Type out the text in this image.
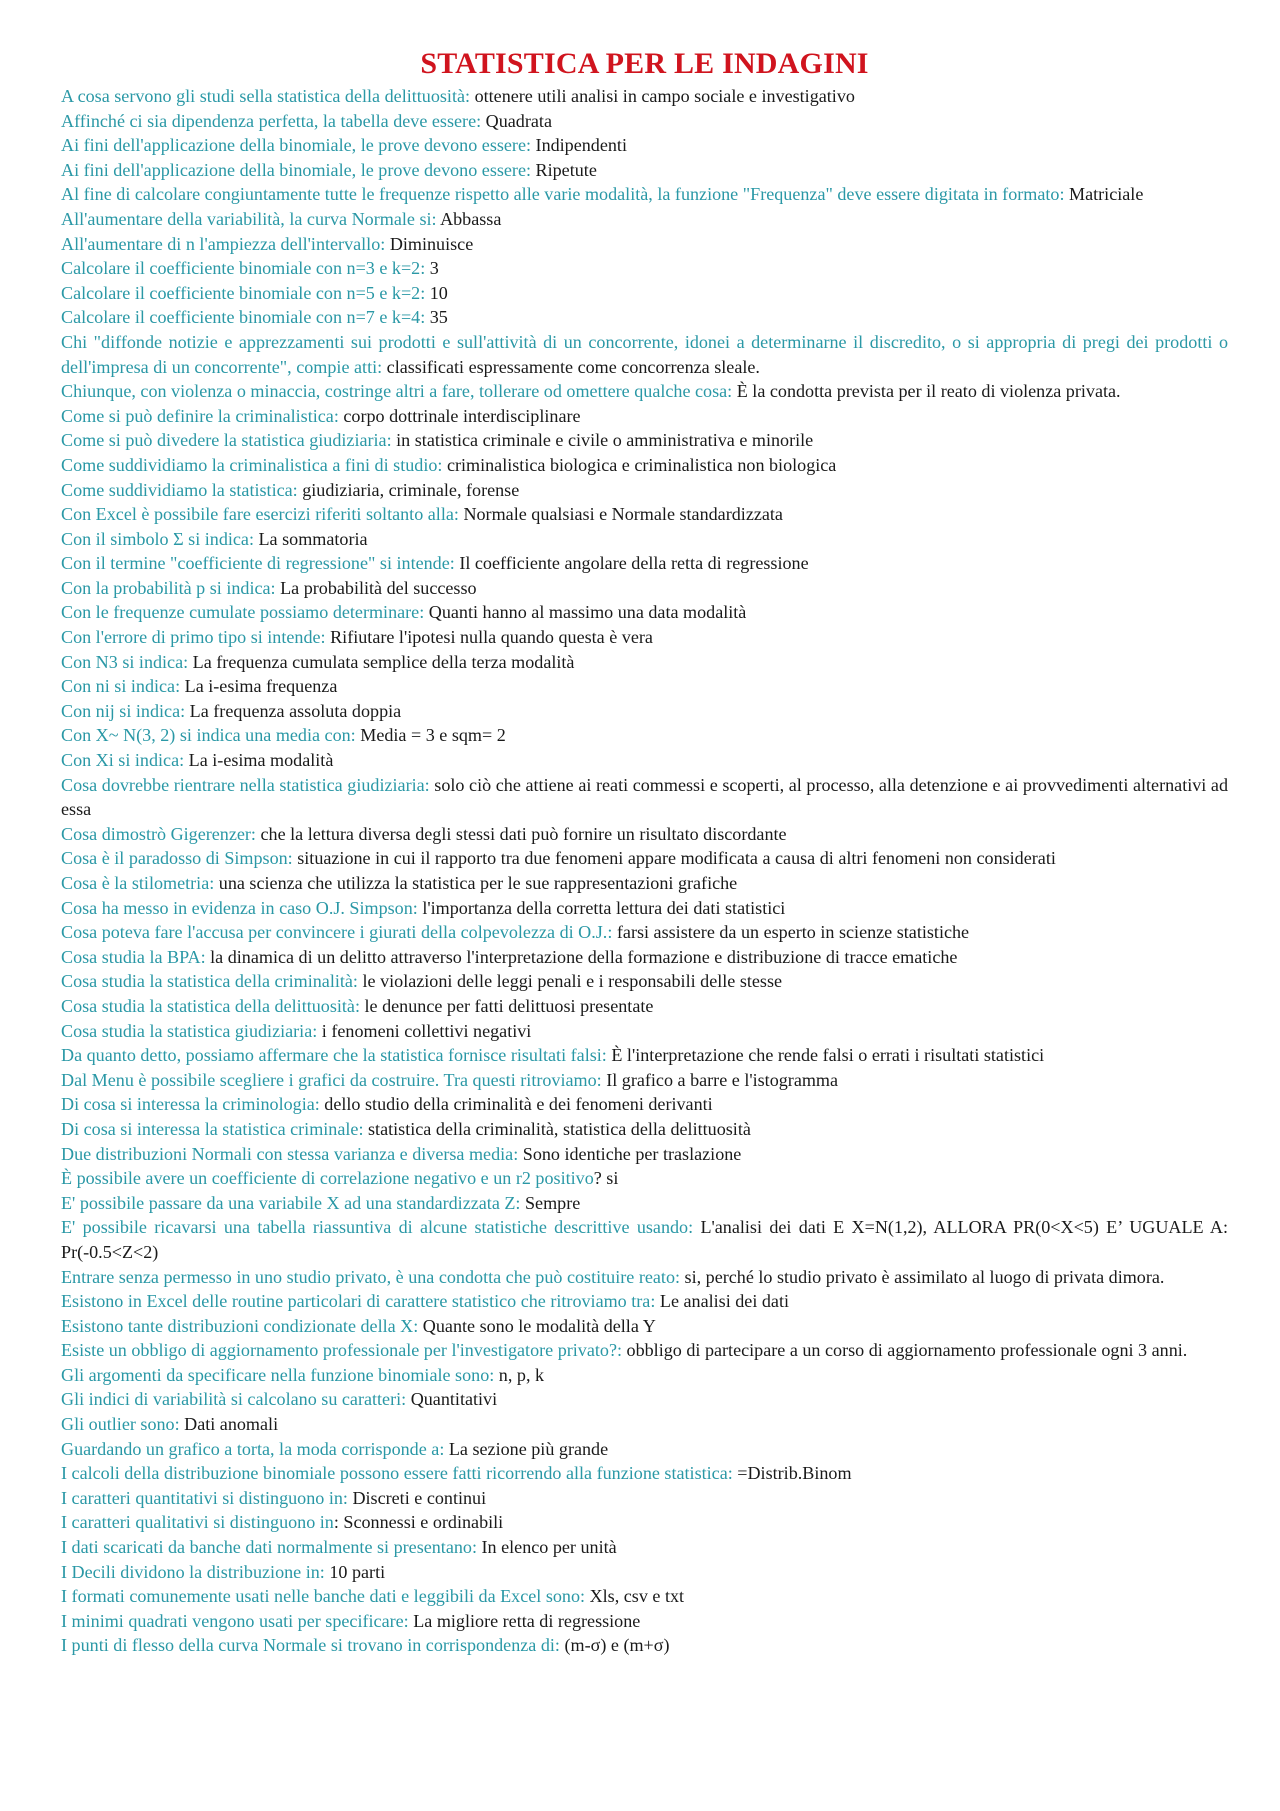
STATISTICA PER LE INDAGINI

A cosa servono gli studi sella statistica della delittuosità: ottenere utili analisi in campo sociale e investigativo

Affinché ci sia dipendenza perfetta, la tabella deve essere: Quadrata

Ai fini dell'applicazione della binomiale, le prove devono essere: Indipendenti

Ai fini dell'applicazione della binomiale, le prove devono essere: Ripetute

Al fine di calcolare congiuntamente tutte le frequenze rispetto alle varie modalità, la funzione "Frequenza" deve essere digitata in formato: Matriciale

All'aumentare della variabilità, la curva Normale si: Abbassa

All'aumentare di n l'ampiezza dell'intervallo: Diminuisce

Calcolare il coefficiente binomiale con n=3 e k=2: 3

Calcolare il coefficiente binomiale con n=5 e k=2: 10

Calcolare il coefficiente binomiale con n=7 e k=4: 35

Chi "diffonde notizie e apprezzamenti sui prodotti e sull'attività di un concorrente, idonei a determinarne il discredito, o si appropria di pregi dei prodotti o dell'impresa di un concorrente", compie atti: classificati espressamente come concorrenza sleale.

Chiunque, con violenza o minaccia, costringe altri a fare, tollerare od omettere qualche cosa: È la condotta prevista per il reato di violenza privata.

Come si può definire la criminalistica: corpo dottrinale interdisciplinare

Come si può divedere la statistica giudiziaria: in statistica criminale e civile o amministrativa e minorile

Come suddividiamo la criminalistica a fini di studio: criminalistica biologica e criminalistica non biologica

Come suddividiamo la statistica: giudiziaria, criminale, forense

Con Excel è possibile fare esercizi riferiti soltanto alla: Normale qualsiasi e Normale standardizzata

Con il simbolo Σ si indica: La sommatoria

Con il termine "coefficiente di regressione" si intende: Il coefficiente angolare della retta di regressione

Con la probabilità p si indica: La probabilità del successo

Con le frequenze cumulate possiamo determinare: Quanti hanno al massimo una data modalità

Con l'errore di primo tipo si intende: Rifiutare l'ipotesi nulla quando questa è vera

Con N3 si indica: La frequenza cumulata semplice della terza modalità

Con ni si indica: La i-esima frequenza

Con nij si indica: La frequenza assoluta doppia

Con X~ N(3, 2) si indica una media con: Media = 3 e sqm= 2

Con Xi si indica: La i-esima modalità

Cosa dovrebbe rientrare nella statistica giudiziaria: solo ciò che attiene ai reati commessi e scoperti, al processo, alla detenzione e ai provvedimenti alternativi ad essa

Cosa dimostrò Gigerenzer: che la lettura diversa degli stessi dati può fornire un risultato discordante

Cosa è il paradosso di Simpson: situazione in cui il rapporto tra due fenomeni appare modificata a causa di altri fenomeni non considerati

Cosa è la stilometria: una scienza che utilizza la statistica per le sue rappresentazioni grafiche

Cosa ha messo in evidenza in caso O.J. Simpson: l'importanza della corretta lettura dei dati statistici

Cosa poteva fare l'accusa per convincere i giurati della colpevolezza di O.J.: farsi assistere da un esperto in scienze statistiche

Cosa studia la BPA: la dinamica di un delitto attraverso l'interpretazione della formazione e distribuzione di tracce ematiche

Cosa studia la statistica della criminalità: le violazioni delle leggi penali e i responsabili delle stesse

Cosa studia la statistica della delittuosità: le denunce per fatti delittuosi presentate

Cosa studia la statistica giudiziaria: i fenomeni collettivi negativi

Da quanto detto, possiamo affermare che la statistica fornisce risultati falsi: È l'interpretazione che rende falsi o errati i risultati statistici

Dal Menu è possibile scegliere i grafici da costruire. Tra questi ritroviamo: Il grafico a barre e l'istogramma

Di cosa si interessa la criminologia: dello studio della criminalità e dei fenomeni derivanti

Di cosa si interessa la statistica criminale: statistica della criminalità, statistica della delittuosità

Due distribuzioni Normali con stessa varianza e diversa media: Sono identiche per traslazione

È possibile avere un coefficiente di correlazione negativo e un r2 positivo? si

E' possibile passare da una variabile X ad una standardizzata Z: Sempre

E' possibile ricavarsi una tabella riassuntiva di alcune statistiche descrittive usando: L'analisi dei dati E X=N(1,2), ALLORA PR(0<X<5) E’ UGUALE A: Pr(-0.5<Z<2)

Entrare senza permesso in uno studio privato, è una condotta che può costituire reato: si, perché lo studio privato è assimilato al luogo di privata dimora.

Esistono in Excel delle routine particolari di carattere statistico che ritroviamo tra: Le analisi dei dati

Esistono tante distribuzioni condizionate della X: Quante sono le modalità della Y

Esiste un obbligo di aggiornamento professionale per l'investigatore privato?: obbligo di partecipare a un corso di aggiornamento professionale ogni 3 anni.

Gli argomenti da specificare nella funzione binomiale sono: n, p, k

Gli indici di variabilità si calcolano su caratteri: Quantitativi

Gli outlier sono: Dati anomali

Guardando un grafico a torta, la moda corrisponde a: La sezione più grande

I calcoli della distribuzione binomiale possono essere fatti ricorrendo alla funzione statistica: =Distrib.Binom

I caratteri quantitativi si distinguono in: Discreti e continui

I caratteri qualitativi si distinguono in: Sconnessi e ordinabili

I dati scaricati da banche dati normalmente si presentano: In elenco per unità

I Decili dividono la distribuzione in: 10 parti

I formati comunemente usati nelle banche dati e leggibili da Excel sono: Xls, csv e txt

I minimi quadrati vengono usati per specificare: La migliore retta di regressione

I punti di flesso della curva Normale si trovano in corrispondenza di: (m-σ) e (m+σ)
